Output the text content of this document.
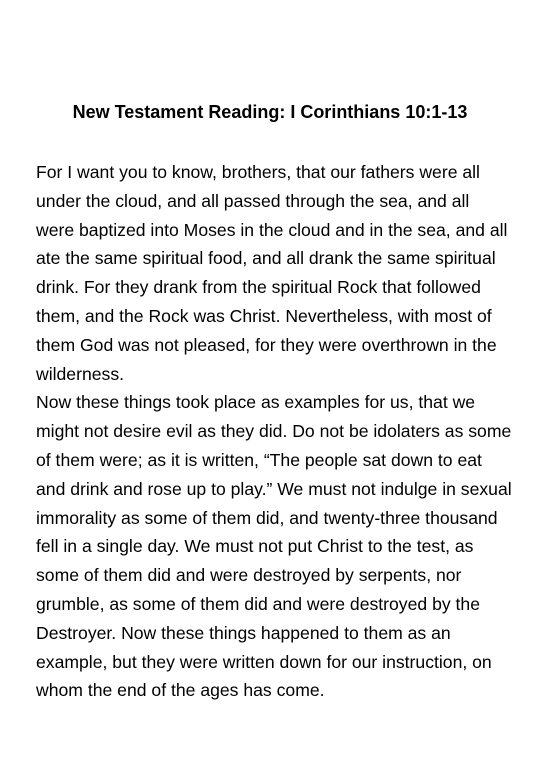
New Testament Reading: I Corinthians 10:1-13

For I want you to know, brothers, that our fathers were all under the cloud, and all passed through the sea, and all were baptized into Moses in the cloud and in the sea, and all ate the same spiritual food, and all drank the same spiritual drink. For they drank from the spiritual Rock that followed them, and the Rock was Christ. Nevertheless, with most of them God was not pleased, for they were overthrown in the wilderness.

Now these things took place as examples for us, that we might not desire evil as they did. Do not be idolaters as some of them were; as it is written, “The people sat down to eat and drink and rose up to play.” We must not indulge in sexual immorality as some of them did, and twenty-three thousand fell in a single day. We must not put Christ to the test, as some of them did and were destroyed by serpents, nor grumble, as some of them did and were destroyed by the Destroyer. Now these things happened to them as an example, but they were written down for our instruction, on whom the end of the ages has come.
